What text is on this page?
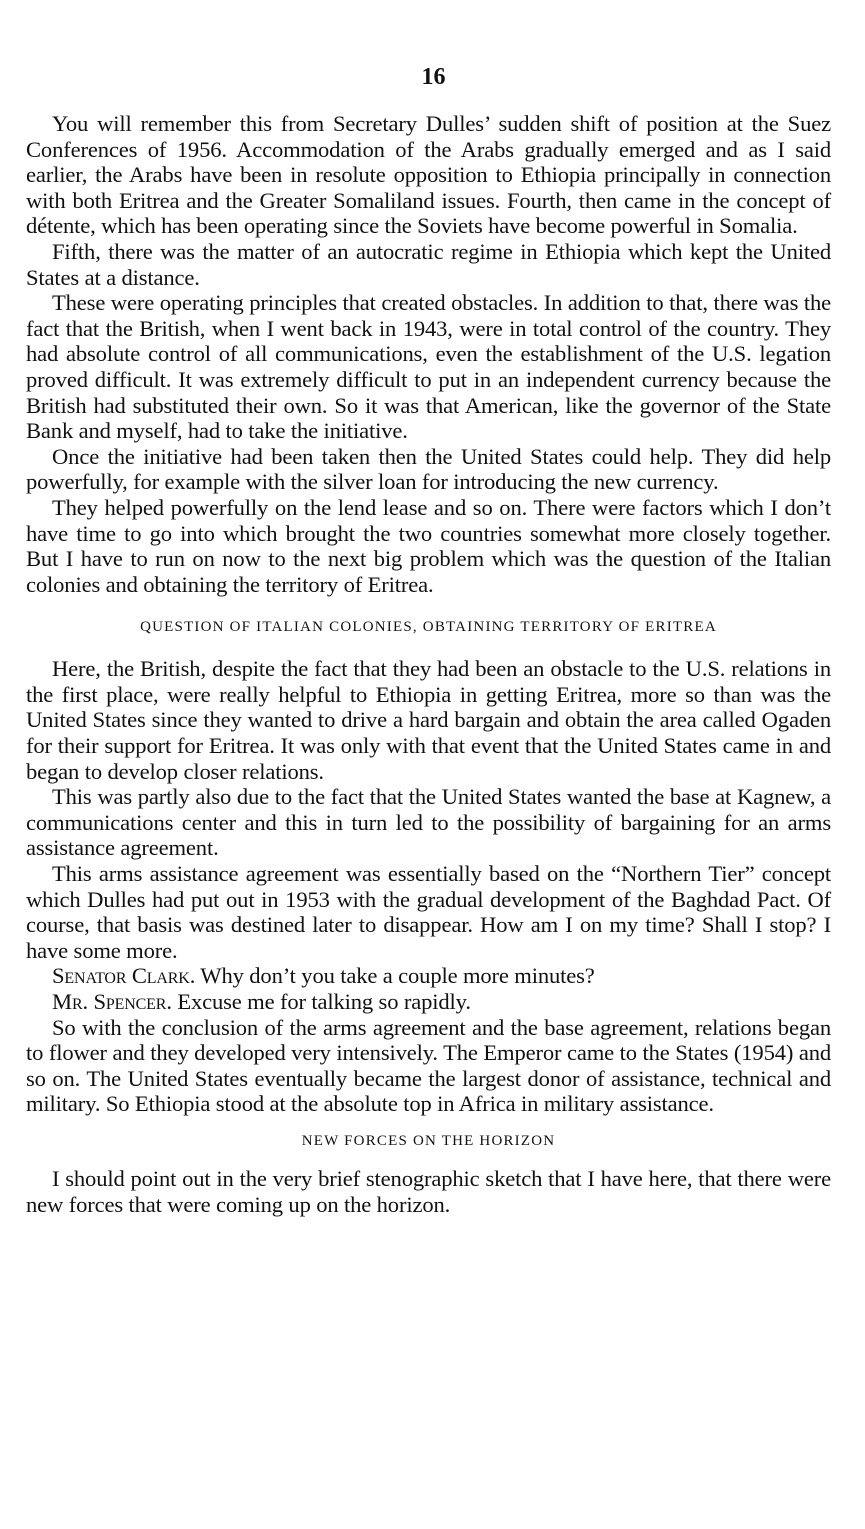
16

You will remember this from Secretary Dulles’ sudden shift of position at the Suez Conferences of 1956. Accommodation of the Arabs gradually emerged and as I said earlier, the Arabs have been in resolute opposition to Ethiopia principally in connection with both Eritrea and the Greater Somaliland issues. Fourth, then came in the concept of détente, which has been operating since the Soviets have become powerful in Somalia.

Fifth, there was the matter of an autocratic regime in Ethiopia which kept the United States at a distance.

These were operating principles that created obstacles. In addition to that, there was the fact that the British, when I went back in 1943, were in total control of the country. They had absolute control of all communications, even the establishment of the U.S. legation proved difficult. It was extremely difficult to put in an independent currency because the British had substituted their own. So it was that American, like the governor of the State Bank and myself, had to take the initiative.

Once the initiative had been taken then the United States could help. They did help powerfully, for example with the silver loan for introducing the new currency.

They helped powerfully on the lend lease and so on. There were factors which I don’t have time to go into which brought the two countries somewhat more closely together. But I have to run on now to the next big problem which was the question of the Italian colonies and obtaining the territory of Eritrea.

QUESTION OF ITALIAN COLONIES, OBTAINING TERRITORY OF ERITREA

Here, the British, despite the fact that they had been an obstacle to the U.S. relations in the first place, were really helpful to Ethiopia in getting Eritrea, more so than was the United States since they wanted to drive a hard bargain and obtain the area called Ogaden for their support for Eritrea. It was only with that event that the United States came in and began to develop closer relations.

This was partly also due to the fact that the United States wanted the base at Kagnew, a communications center and this in turn led to the possibility of bargaining for an arms assistance agreement.

This arms assistance agreement was essentially based on the “Northern Tier” concept which Dulles had put out in 1953 with the gradual development of the Baghdad Pact. Of course, that basis was destined later to disappear. How am I on my time? Shall I stop? I have some more.

Senator Clark. Why don’t you take a couple more minutes?

Mr. Spencer. Excuse me for talking so rapidly.

So with the conclusion of the arms agreement and the base agreement, relations began to flower and they developed very intensively. The Emperor came to the States (1954) and so on. The United States eventually became the largest donor of assistance, technical and military. So Ethiopia stood at the absolute top in Africa in military assistance.

NEW FORCES ON THE HORIZON

I should point out in the very brief stenographic sketch that I have here, that there were new forces that were coming up on the horizon.
